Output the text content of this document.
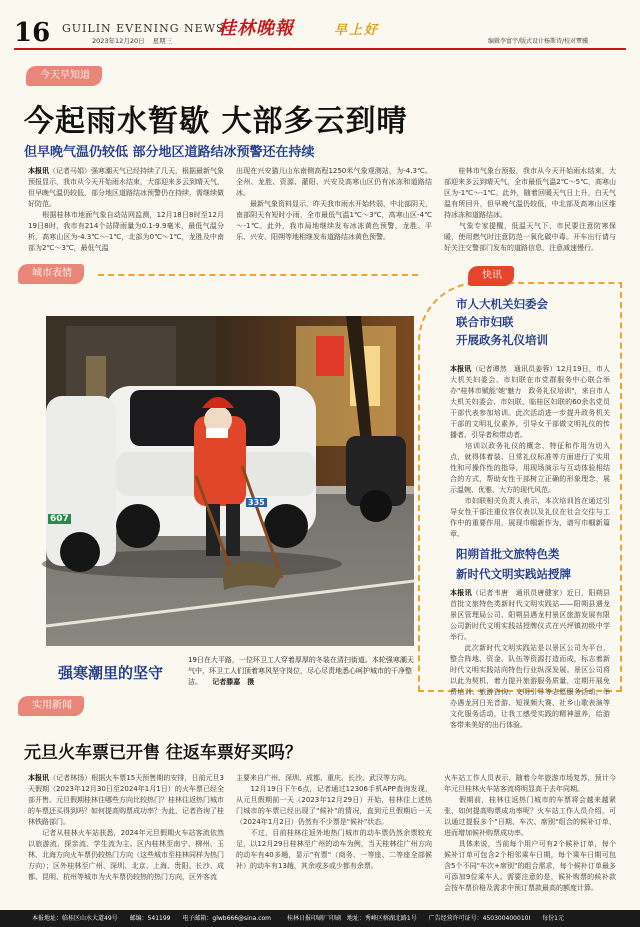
16 GUILIN EVENING NEWS
2023年12月20日 星期三
桂林晚報	早上好
编辑李富宇/版式设计杨斯诗/校对覃骥
今天早知道
今起雨水暂歇 大部多云到晴
但早晚气温仍较低 部分地区道路结冰预警还在持续
本报讯（记者马娟）强寒潮天气已经持续了几天，根据最新气象预报显示，我市从今天开始雨水结束，大部迎来多云到晴天气，但早晚气温仍较低，部分地区道路结冰预警仍在持续，需继续做好防范。
　　根据桂林市地面气象自动站网监测，12月18日8时至12月19日8时，我市有214个站降雨量为0.1-9.9毫米，最低气温分析，高寒山区为-4.3℃～-1℃，北部为0℃～1℃，龙胜及中南部为2℃～3℃，最低气温
出现在兴安猫儿山东南侧高程1250米气象观测站，为-4.3℃。全州、龙胜、资源、灌阳、兴安及高寒山区仍有冰冻和道路结冰。
　　最新气象资料显示，昨天我市雨水开始转弱，中北部阴天，南部阴天有短时小雨，全市最低气温1℃～3℃，高寒山区-4℃～-1℃。此外，我市局地继续发布冰冻黄色预警，龙胜、平乐、兴安、阳朔等地相继发布道路结冰黄色预警。
　　桂林市气象台预报，我市从今天开始雨水结束，大部迎来多云到晴天气，全市最低气温2℃～5℃，高寒山区为-1℃～-1℃。此外，随着回暖天气日上升，白天气温有所回升，但早晚气温仍较低，中北部及高寒山区维持冰冻和道路结冰。
　　气象专家提醒，低温天气下，市民要注意防寒保暖，使用燃气时注意防范一氧化碳中毒。开车出行请与好关注交警部门发布的道路信息，注意减速慢行。
城市表情
607
335
强寒潮里的坚守
19日在大平路，一位环卫工人穿着厚厚的冬装在清扫街道。本轮强寒潮天气中，环卫工人们顶着寒风坚守岗位，尽心尽责地悉心呵护城市的干净整洁。 记者滕嘉　摄
快讯
市人大机关妇委会
联合市妇联
开展政务礼仪培训
本报讯（记者谭然　通讯员姜蓉）12月19日，市人大机关妇委会、市妇联在市党群服务中心联合举办"桂林市赋能'她'魅力　政务礼仪培训"，来自市人大机关妇委会、市妇联、临桂区妇联的60余名党员干部代表参加培训。此次活动进一步提升政务机关干部的文明礼仪素养，引导女干部做文明礼仪的传播者、引导者和带动者。
　　培训以政务礼仪的概念、特征和作用为切入点，就得体着装、日常礼仪标准等方面进行了实用性和可操作性的指导，用现场演示与互动体验相结合的方式，帮助女性干部树立正确的形象理念，展示温婉、优雅、大方的现代风范。
　　市妇联相关负责人表示，本次培训旨在通过引导女性干部注重仪容仪表以及礼仪在社会交往与工作中的重要作用，展现巾帼新作为，谱写巾帼新篇章。
阳朔首批文旅特色类
新时代文明实践站授牌
本报讯（记者韦唐　通讯员唐健家）近日，阳朔县首批文旅特色类新时代文明实践站——阳朔县遇龙景区管理局公司、阳朔县遇龙村景区旅游发展有限公司新时代文明实践站授牌仪式在兴坪镇初级中学举行。
　　此次新时代文明实践站是以景区公司为平台，整合阵地、资金、队伍等资源打造而成，标志着新时代文明实践站向特色行业纵深发展。景区公司将以此为契机，着力提升旅游服务质量，定期开展免费培训、旅游咨询、文明引导等志愿服务活动，举办遇龙河日光音游、短视频大赛、社乡山歌表演等文化服务活动，让我工感受实践的精神滋养，给游客带来美好的出行体验。
实用新闻
元旦火车票已开售 往返车票好买吗？
本报讯（记者林扬）根据火车票15天预售期的安排，日前元旦3天假期（2023年12月30日至2024年1月1日）的火车票已经全部开售。元旦假期桂林往哪些方向比较热门？桂林往返热门城市的车票还买得到吗？如何提高购票成功率？为此，记者咨询了桂林铁路部门。
　　记者从桂林火车站获悉，2024年元旦假期火车站客流依然以旅游流、探亲流、学生流为主。区内桂林至南宁、柳州、玉林、北海方向火车票仍较热门方向（这些城市至桂林同样为热门方向）；区外桂林至广州、深圳、北京、上海、贵阳、长沙、成都、昆明、杭州等城市为火车票仍较热的热门方向，区外客流
主要来自广州、深圳、成都、重庆、长沙、武汉等方向。
　　12月19日下午6点，记者通过12306手机APP查询发现，从元旦假期前一天（2023年12月29日）开始，桂林往上述热门城市的车票已经出现了"候补"的情况，直到元旦假期后一天（2024年1月2日）仍然有不少票是"候补"状态。
　　不过，目前桂林往返外地热门城市的动车票仍然余票较充足，以12月29日桂林至广州的动车为例，当天桂林往广州方向的动车有40多趟，显示"有票"（商务、一等座、二等座全部候补）的动车有13趟，其余或多或少都有余票。
火车站工作人员表示，随着今年旅游市场复苏，预计今年元旦桂林火车站客流将明显高于去年同期。
　　假期前，桂林往返热门城市的车票将会越来越紧张，如何提高购票成功率呢？火车站工作人员介绍，可以通过提报多个"日期、车次、席别"组合的候补订单，进而增加候补购票成功率。
　　具体来说，当前每个用户可有2个候补订单，每个候补订单可包含2个相邻乘车日期，每个乘车日期可包含5个不同"车次+席别"的组合需求，每个候补订单最多可添加9位乘车人。需要注意的是，候补购票的候补款会按车票价格及需求中预订票款最高的额度计算。
本报地址：临桂区山水大道49号 邮编：541199 电子邮箱：glwb666@sina.com	桂林日报印刷厂印刷 地址：秀峰区榕湖北路1号 广告经营许可证号：450300400010I 每份1元
